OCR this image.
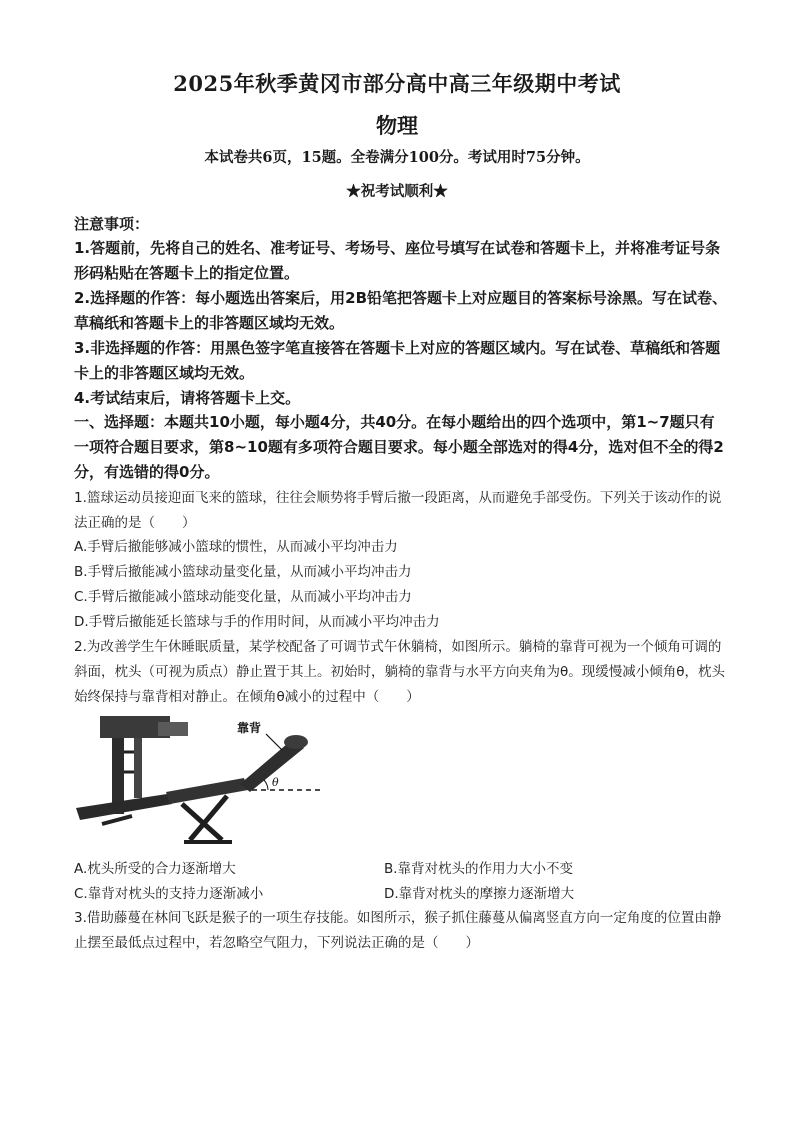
2025年秋季黄冈市部分高中高三年级期中考试
物理
本试卷共6页，15题。全卷满分100分。考试用时75分钟。
★祝考试顺利★
注意事项：
1.答题前，先将自己的姓名、准考证号、考场号、座位号填写在试卷和答题卡上，并将准考证号条形码粘贴在答题卡上的指定位置。
2.选择题的作答：每小题选出答案后，用2B铅笔把答题卡上对应题目的答案标号涂黑。写在试卷、草稿纸和答题卡上的非答题区域均无效。
3.非选择题的作答：用黑色签字笔直接答在答题卡上对应的答题区域内。写在试卷、草稿纸和答题卡上的非答题区域均无效。
4.考试结束后，请将答题卡上交。
一、选择题：本题共10小题，每小题4分，共40分。在每小题给出的四个选项中，第1~7题只有一项符合题目要求，第8~10题有多项符合题目要求。每小题全部选对的得4分，选对但不全的得2分，有选错的得0分。
1.篮球运动员接迎面飞来的篮球，往往会顺势将手臂后撤一段距离，从而避免手部受伤。下列关于该动作的说法正确的是（　　）
A.手臂后撤能够减小篮球的惯性，从而减小平均冲击力
B.手臂后撤能减小篮球动量变化量，从而减小平均冲击力
C.手臂后撤能减小篮球动能变化量，从而减小平均冲击力
D.手臂后撤能延长篮球与手的作用时间，从而减小平均冲击力
2.为改善学生午休睡眠质量，某学校配备了可调节式午休躺椅，如图所示。躺椅的靠背可视为一个倾角可调的斜面，枕头（可视为质点）静止置于其上。初始时，躺椅的靠背与水平方向夹角为θ。现缓慢减小倾角θ，枕头始终保持与靠背相对静止。在倾角θ减小的过程中（　　）
靠背
θ
A.枕头所受的合力逐渐增大	B.靠背对枕头的作用力大小不变
C.靠背对枕头的支持力逐渐减小	D.靠背对枕头的摩擦力逐渐增大
3.借助藤蔓在林间飞跃是猴子的一项生存技能。如图所示，猴子抓住藤蔓从偏离竖直方向一定角度的位置由静止摆至最低点过程中，若忽略空气阻力，下列说法正确的是（　　）
